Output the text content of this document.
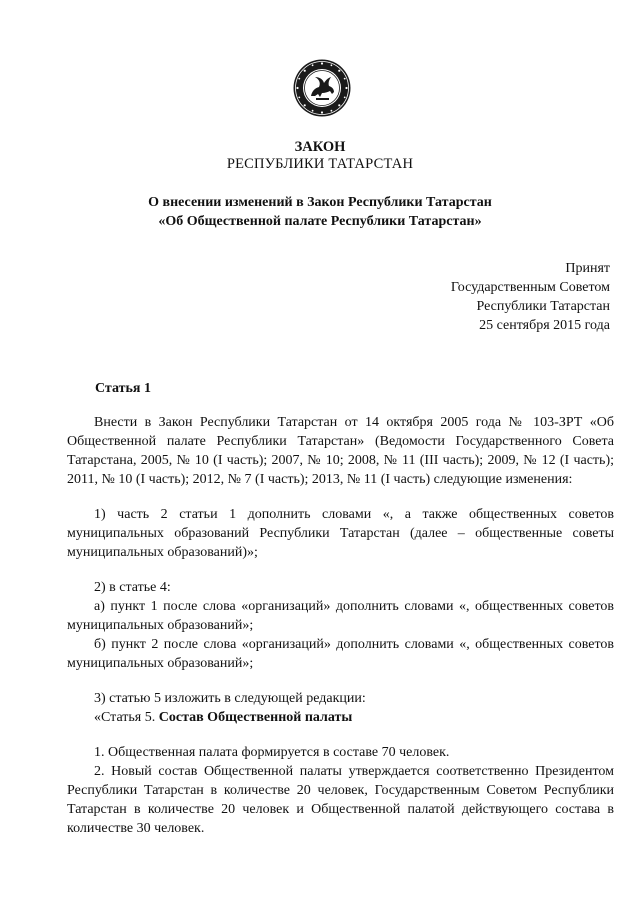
ЗАКОН
РЕСПУБЛИКИ ТАТАРСТАН
О внесении изменений в Закон Республики Татарстан
«Об Общественной палате Республики Татарстан»
Принят
Государственным Советом
Республики Татарстан
25 сентября 2015 года
Статья 1

Внести в Закон Республики Татарстан от 14 октября 2005 года № 103-ЗРТ «Об Общественной палате Республики Татарстан» (Ведомости Государственного Совета Татарстана, 2005, № 10 (I часть); 2007, № 10; 2008, № 11 (III часть); 2009, № 12 (I часть); 2011, № 10 (I часть); 2012, № 7 (I часть); 2013, № 11 (I часть) следующие изменения:

1) часть 2 статьи 1 дополнить словами «, а также общественных советов муниципальных образований Республики Татарстан (далее – общественные советы муниципальных образований)»;

2) в статье 4:

а) пункт 1 после слова «организаций» дополнить словами «, общественных советов муниципальных образований»;

б) пункт 2 после слова «организаций» дополнить словами «, общественных советов муниципальных образований»;

3) статью 5 изложить в следующей редакции:

«Статья 5. Состав Общественной палаты

1. Общественная палата формируется в составе 70 человек.

2. Новый состав Общественной палаты утверждается соответственно Президентом Республики Татарстан в количестве 20 человек, Государственным Советом Республики Татарстан в количестве 20 человек и Общественной палатой действующего состава в количестве 30 человек.
